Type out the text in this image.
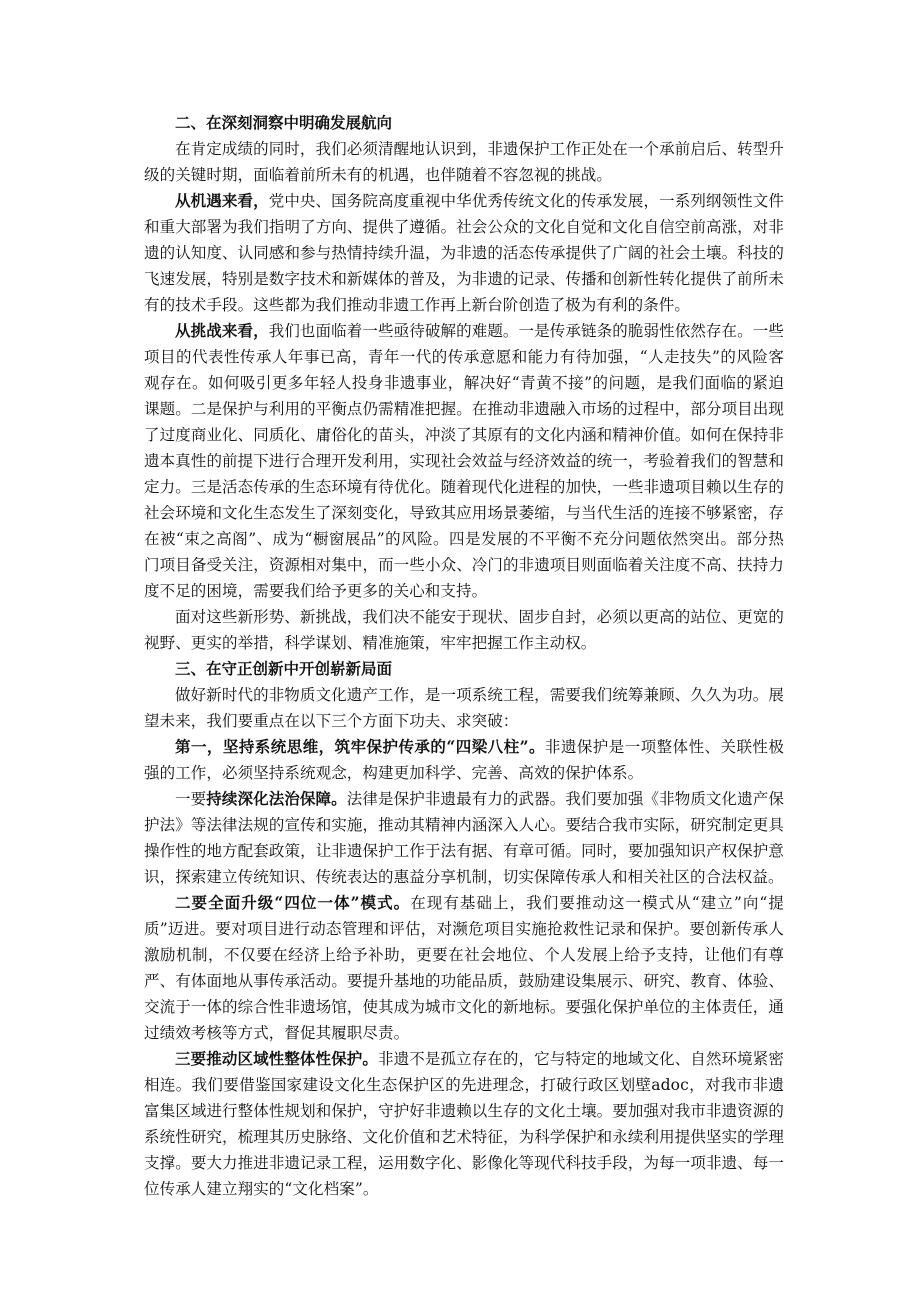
二、在深刻洞察中明确发展航向

在肯定成绩的同时，我们必须清醒地认识到，非遗保护工作正处在一个承前启后、转型升级的关键时期，面临着前所未有的机遇，也伴随着不容忽视的挑战。

从机遇来看，党中央、国务院高度重视中华优秀传统文化的传承发展，一系列纲领性文件和重大部署为我们指明了方向、提供了遵循。社会公众的文化自觉和文化自信空前高涨，对非遗的认知度、认同感和参与热情持续升温，为非遗的活态传承提供了广阔的社会土壤。科技的飞速发展，特别是数字技术和新媒体的普及，为非遗的记录、传播和创新性转化提供了前所未有的技术手段。这些都为我们推动非遗工作再上新台阶创造了极为有利的条件。

从挑战来看，我们也面临着一些亟待破解的难题。一是传承链条的脆弱性依然存在。一些项目的代表性传承人年事已高，青年一代的传承意愿和能力有待加强，“人走技失”的风险客观存在。如何吸引更多年轻人投身非遗事业，解决好“青黄不接”的问题，是我们面临的紧迫课题。二是保护与利用的平衡点仍需精准把握。在推动非遗融入市场的过程中，部分项目出现了过度商业化、同质化、庸俗化的苗头，冲淡了其原有的文化内涵和精神价值。如何在保持非遗本真性的前提下进行合理开发利用，实现社会效益与经济效益的统一，考验着我们的智慧和定力。三是活态传承的生态环境有待优化。随着现代化进程的加快，一些非遗项目赖以生存的社会环境和文化生态发生了深刻变化，导致其应用场景萎缩，与当代生活的连接不够紧密，存在被“束之高阁”、成为“橱窗展品”的风险。四是发展的不平衡不充分问题依然突出。部分热门项目备受关注，资源相对集中，而一些小众、冷门的非遗项目则面临着关注度不高、扶持力度不足的困境，需要我们给予更多的关心和支持。

面对这些新形势、新挑战，我们决不能安于现状、固步自封，必须以更高的站位、更宽的视野、更实的举措，科学谋划、精准施策，牢牢把握工作主动权。

三、在守正创新中开创崭新局面

做好新时代的非物质文化遗产工作，是一项系统工程，需要我们统筹兼顾、久久为功。展望未来，我们要重点在以下三个方面下功夫、求突破：

第一，坚持系统思维，筑牢保护传承的“四梁八柱”。非遗保护是一项整体性、关联性极强的工作，必须坚持系统观念，构建更加科学、完善、高效的保护体系。

一要持续深化法治保障。法律是保护非遗最有力的武器。我们要加强《非物质文化遗产保护法》等法律法规的宣传和实施，推动其精神内涵深入人心。要结合我市实际，研究制定更具操作性的地方配套政策，让非遗保护工作于法有据、有章可循。同时，要加强知识产权保护意识，探索建立传统知识、传统表达的惠益分享机制，切实保障传承人和相关社区的合法权益。

二要全面升级“四位一体”模式。在现有基础上，我们要推动这一模式从“建立”向“提质”迈进。要对项目进行动态管理和评估，对濒危项目实施抢救性记录和保护。要创新传承人激励机制，不仅要在经济上给予补助，更要在社会地位、个人发展上给予支持，让他们有尊严、有体面地从事传承活动。要提升基地的功能品质，鼓励建设集展示、研究、教育、体验、交流于一体的综合性非遗场馆，使其成为城市文化的新地标。要强化保护单位的主体责任，通过绩效考核等方式，督促其履职尽责。

三要推动区域性整体性保护。非遗不是孤立存在的，它与特定的地域文化、自然环境紧密相连。我们要借鉴国家建设文化生态保护区的先进理念，打破行政区划壁adoc，对我市非遗富集区域进行整体性规划和保护，守护好非遗赖以生存的文化土壤。要加强对我市非遗资源的系统性研究，梳理其历史脉络、文化价值和艺术特征，为科学保护和永续利用提供坚实的学理支撑。要大力推进非遗记录工程，运用数字化、影像化等现代科技手段，为每一项非遗、每一位传承人建立翔实的“文化档案”。
